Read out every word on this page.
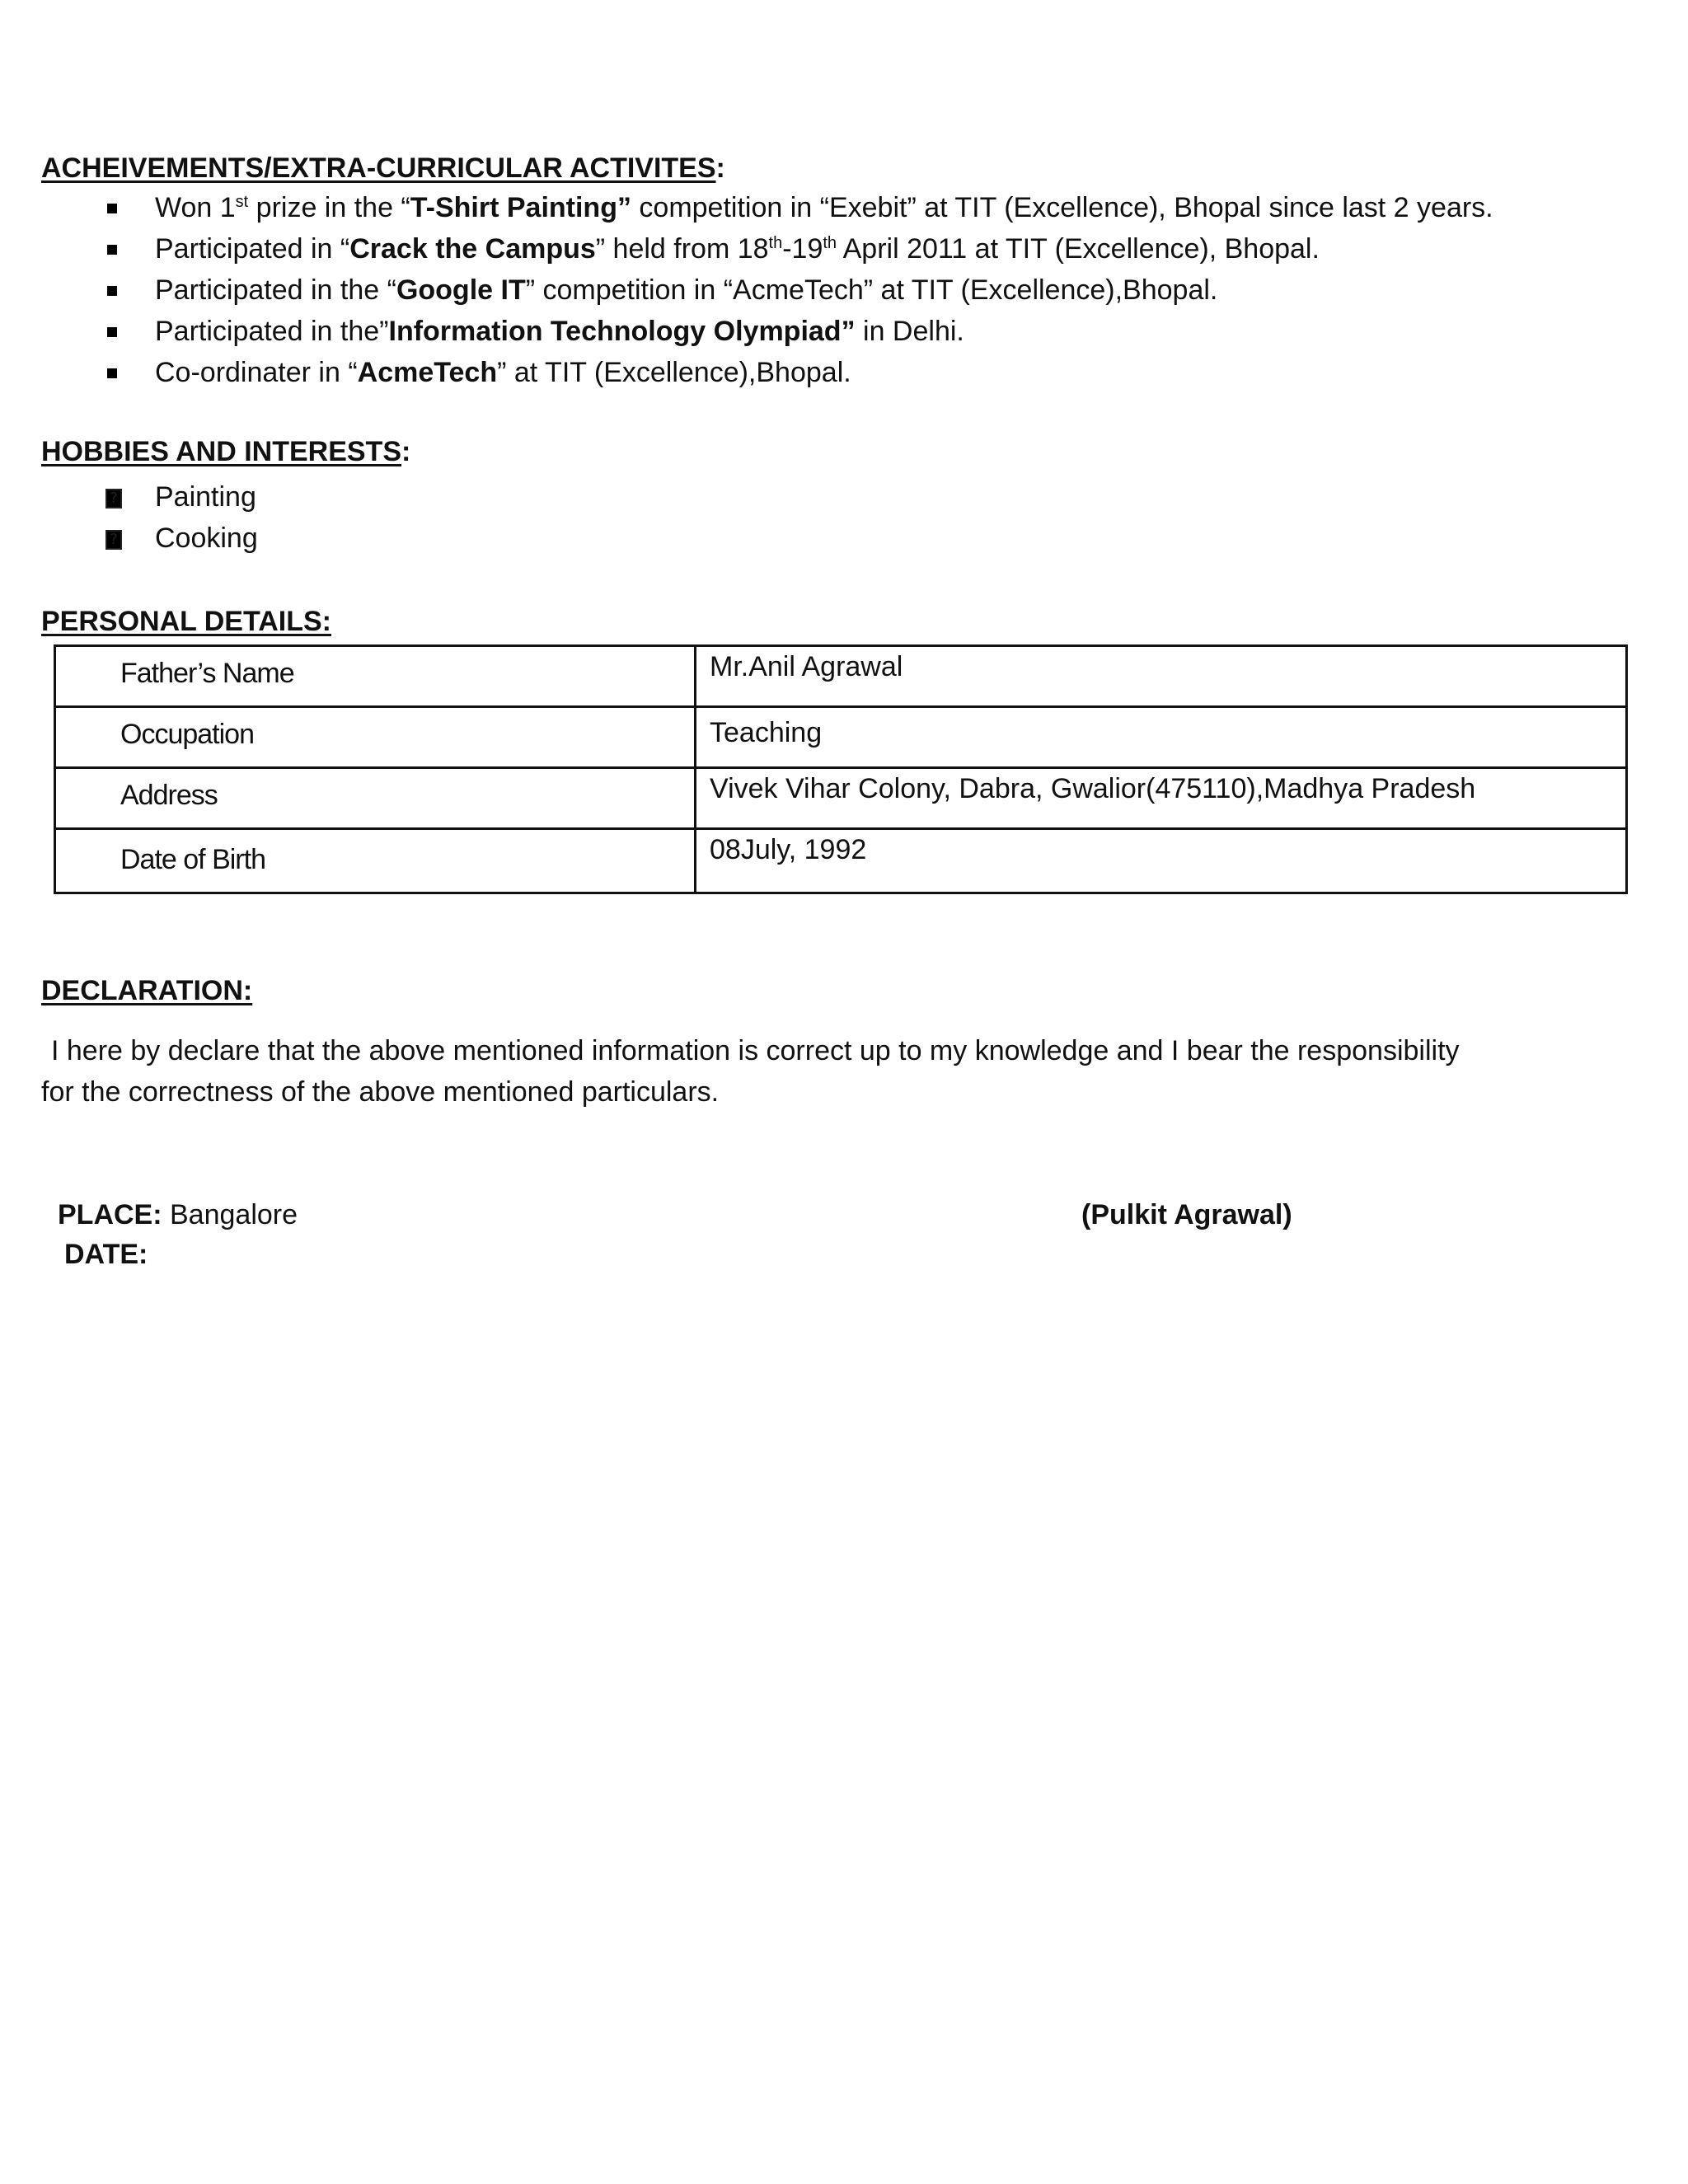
ACHEIVEMENTS/EXTRA-CURRICULAR ACTIVITES:
Won 1st prize in the “T-Shirt Painting” competition in “Exebit” at TIT (Excellence), Bhopal since last 2 years.
Participated in “Crack the Campus” held from 18th-19th April 2011 at TIT (Excellence), Bhopal.
Participated in the “Google IT” competition in “AcmeTech” at TIT (Excellence),Bhopal.
Participated in the”Information Technology Olympiad” in Delhi.
Co-ordinater in “AcmeTech” at TIT (Excellence),Bhopal.
HOBBIES AND INTERESTS:
? Painting
? Cooking
PERSONAL DETAILS:
Father’s Name	Mr.Anil Agrawal
Occupation	Teaching
Address	Vivek Vihar Colony, Dabra, Gwalior(475110),Madhya Pradesh
Date of Birth	08July, 1992
DECLARATION:
I here by declare that the above mentioned information is correct up to my knowledge and I bear the responsibility
for the correctness of the above mentioned particulars.
PLACE: Bangalore
DATE:
(Pulkit Agrawal)
